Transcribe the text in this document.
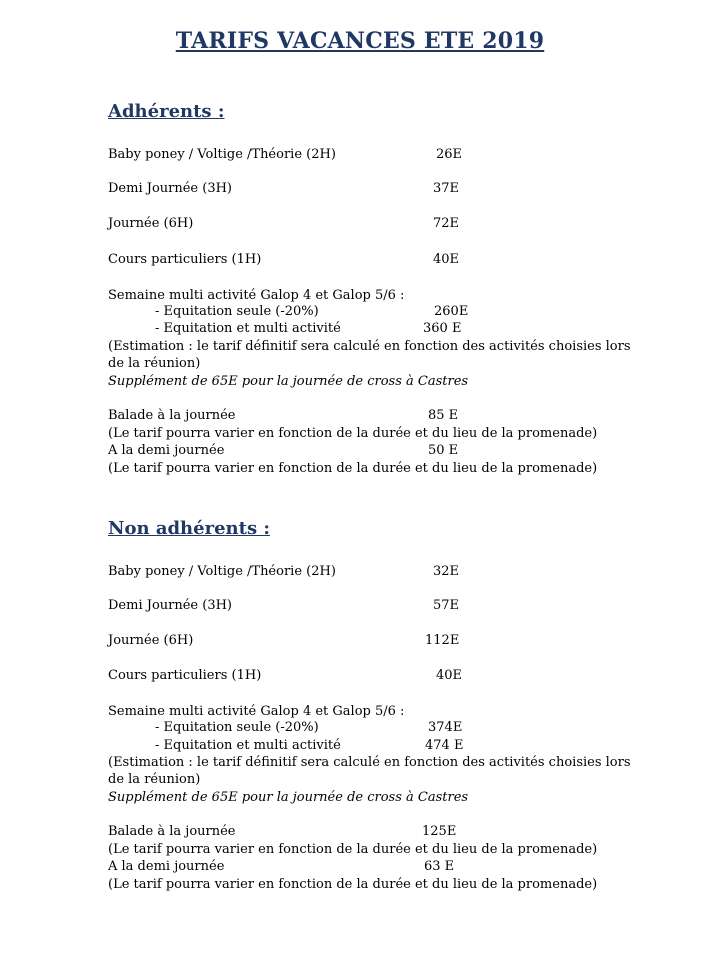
TARIFS VACANCES ETE 2019
Adhérents :
Baby poney / Voltige /Théorie (2H)	26E
Demi Journée (3H)	37E
Journée (6H)	72E
Cours particuliers (1H)	40E
Semaine multi activité Galop 4 et Galop 5/6 :
- Equitation seule (-20%)	260E
- Equitation et multi activité	360 E
(Estimation : le tarif définitif sera calculé en fonction des activités choisies lors
de la réunion)
Supplément de 65E pour la journée de cross à Castres
Balade à la journée	85 E
(Le tarif pourra varier en fonction de la durée et du lieu de la promenade)
A la demi journée	50 E
(Le tarif pourra varier en fonction de la durée et du lieu de la promenade)
Non adhérents :
Baby poney / Voltige /Théorie (2H)	32E
Demi Journée (3H)	57E
Journée (6H)	112E
Cours particuliers (1H)	40E
Semaine multi activité Galop 4 et Galop 5/6 :
- Equitation seule (-20%)	374E
- Equitation et multi activité	474 E
(Estimation : le tarif définitif sera calculé en fonction des activités choisies lors
de la réunion)
Supplément de 65E pour la journée de cross à Castres
Balade à la journée	125E
(Le tarif pourra varier en fonction de la durée et du lieu de la promenade)
A la demi journée	63 E
(Le tarif pourra varier en fonction de la durée et du lieu de la promenade)
